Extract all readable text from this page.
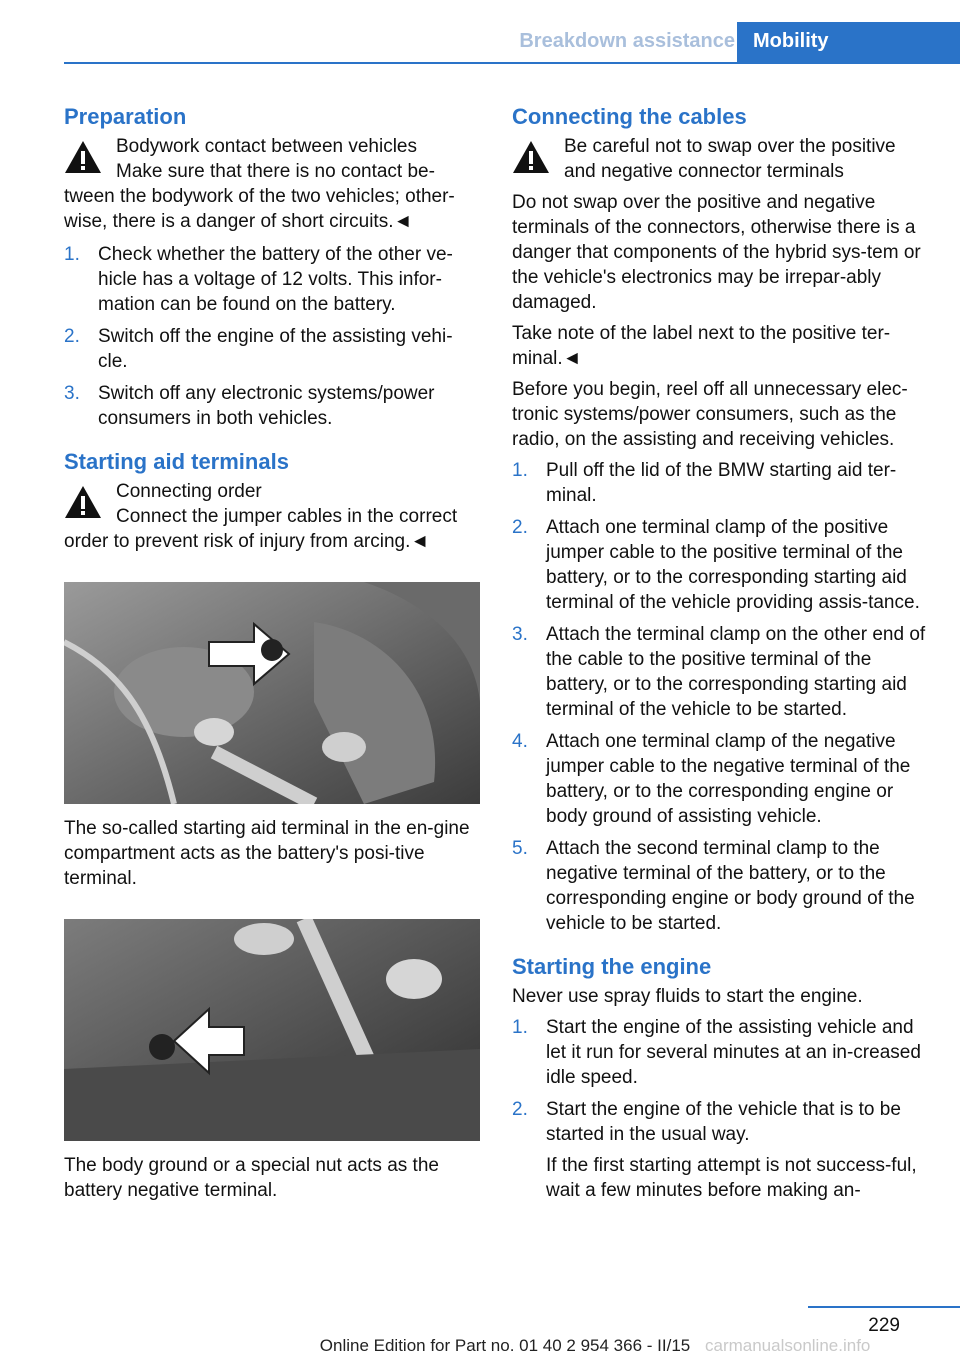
Breakdown assistance Mobility
Preparation

Bodywork contact between vehicles

Make sure that there is no contact be-
tween the bodywork of the two vehicles; other-wise, there is a danger of short circuits.◄

1. Check whether the battery of the other ve-hicle has a voltage of 12 volts. This infor-mation can be found on the battery.
2. Switch off the engine of the assisting vehi-cle.
3. Switch off any electronic systems/power consumers in both vehicles.
Starting aid terminals

Connecting order

Connect the jumper cables in the correct
order to prevent risk of injury from arcing.◄

The so-called starting aid terminal in the en-gine compartment acts as the battery's posi-tive terminal.

The body ground or a special nut acts as the battery negative terminal.

Connecting the cables

Be careful not to swap over the positive and negative connector terminals

Do not swap over the positive and negative terminals of the connectors, otherwise there is a danger that components of the hybrid sys-tem or the vehicle's electronics may be irrepar-ably damaged.

Take note of the label next to the positive ter-minal.◄

Before you begin, reel off all unnecessary elec-tronic systems/power consumers, such as the radio, on the assisting and receiving vehicles.

1. Pull off the lid of the BMW starting aid ter-minal.
2. Attach one terminal clamp of the positive jumper cable to the positive terminal of the battery, or to the corresponding starting aid terminal of the vehicle providing assis-tance.
3. Attach the terminal clamp on the other end of the cable to the positive terminal of the battery, or to the corresponding starting aid terminal of the vehicle to be started.
4. Attach one terminal clamp of the negative jumper cable to the negative terminal of the battery, or to the corresponding engine or body ground of assisting vehicle.
5. Attach the second terminal clamp to the negative terminal of the battery, or to the corresponding engine or body ground of the vehicle to be started.
Starting the engine

Never use spray fluids to start the engine.

1. Start the engine of the assisting vehicle and let it run for several minutes at an in-creased idle speed.
2. Start the engine of the vehicle that is to be started in the usual way.
If the first starting attempt is not success-ful, wait a few minutes before making an-
229
Online Edition for Part no. 01 40 2 954 366 - II/15 carmanualsonline.info
